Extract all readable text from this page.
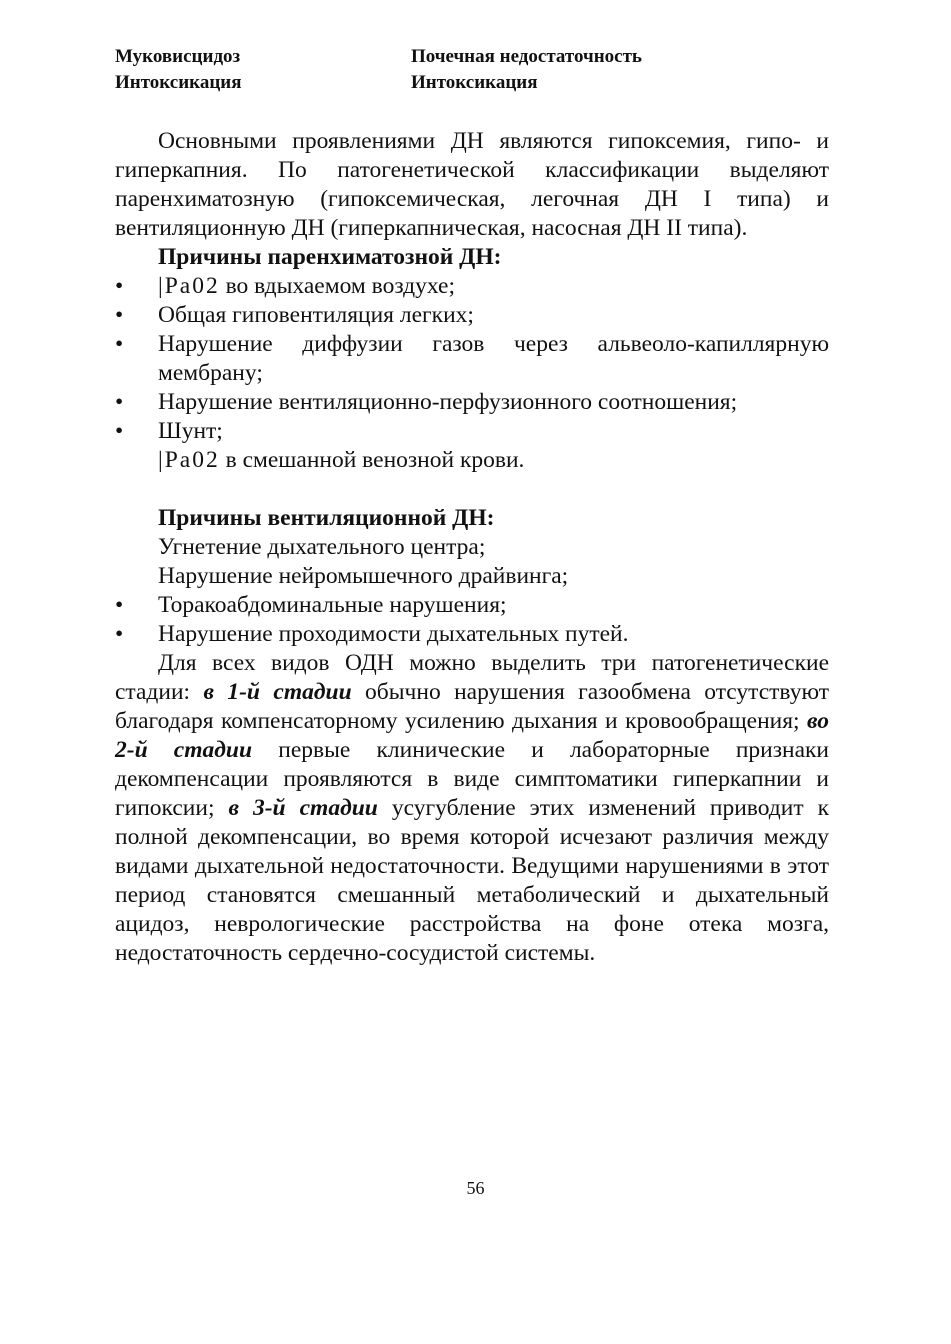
Муковисцидоз
Интоксикация
Почечная недостаточность
Интоксикация

Основными проявлениями ДН являются гипоксемия, гипо- и гиперкапния. По патогенетической классификации выделяют паренхиматозную (гипоксемическая, легочная ДН I типа) и вентиляционную ДН (гиперкапническая, насосная ДН II типа).

Причины паренхиматозной ДН:

• |Ра02 во вдыхаемом воздухе;

• Общая гиповентиляция легких;

• Нарушение диффузии газов через альвеоло-капиллярную мембрану;

• Нарушение вентиляционно-перфузионного соотношения;

• Шунт;

|Ра02 в смешанной венозной крови.

Причины вентиляционной ДН:

Угнетение дыхательного центра;

Нарушение нейромышечного драйвинга;

• Торакоабдоминальные нарушения;

• Нарушение проходимости дыхательных путей.

Для всех видов ОДН можно выделить три патогенетические стадии: в 1-й стадии обычно нарушения газообмена отсутствуют благодаря компенсаторному усилению дыхания и кровообращения; во 2-й стадии первые клинические и лабораторные признаки декомпенсации проявляются в виде симптоматики гиперкапнии и гипоксии; в 3-й стадии усугубление этих изменений приводит к полной декомпенсации, во время которой исчезают различия между видами дыхательной недостаточности. Ведущими нарушениями в этот период становятся смешанный метаболический и дыхательный ацидоз, неврологические расстройства на фоне отека мозга, недостаточность сердечно-сосудистой системы.

56
